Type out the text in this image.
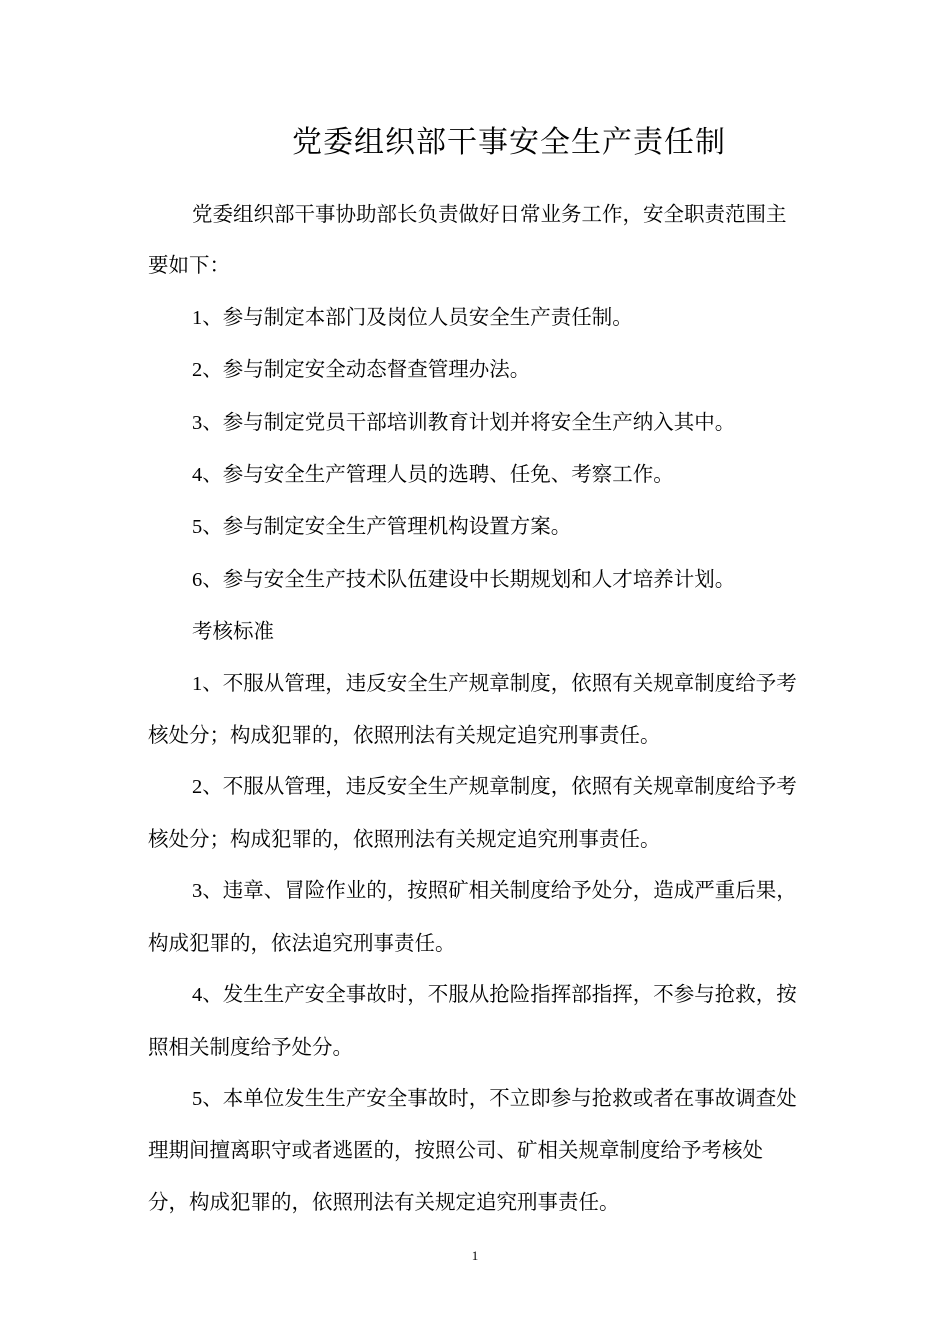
党委组织部干事安全生产责任制

党委组织部干事协助部长负责做好日常业务工作，安全职责范围主要如下：

1、参与制定本部门及岗位人员安全生产责任制。

2、参与制定安全动态督查管理办法。

3、参与制定党员干部培训教育计划并将安全生产纳入其中。

4、参与安全生产管理人员的选聘、任免、考察工作。

5、参与制定安全生产管理机构设置方案。

6、参与安全生产技术队伍建设中长期规划和人才培养计划。

考核标准

1、不服从管理，违反安全生产规章制度，依照有关规章制度给予考核处分；构成犯罪的，依照刑法有关规定追究刑事责任。

2、不服从管理，违反安全生产规章制度，依照有关规章制度给予考核处分；构成犯罪的，依照刑法有关规定追究刑事责任。

3、违章、冒险作业的，按照矿相关制度给予处分，造成严重后果，构成犯罪的，依法追究刑事责任。

4、发生生产安全事故时，不服从抢险指挥部指挥，不参与抢救，按照相关制度给予处分。

5、本单位发生生产安全事故时，不立即参与抢救或者在事故调查处理期间擅离职守或者逃匿的，按照公司、矿相关规章制度给予考核处分，构成犯罪的，依照刑法有关规定追究刑事责任。

1
